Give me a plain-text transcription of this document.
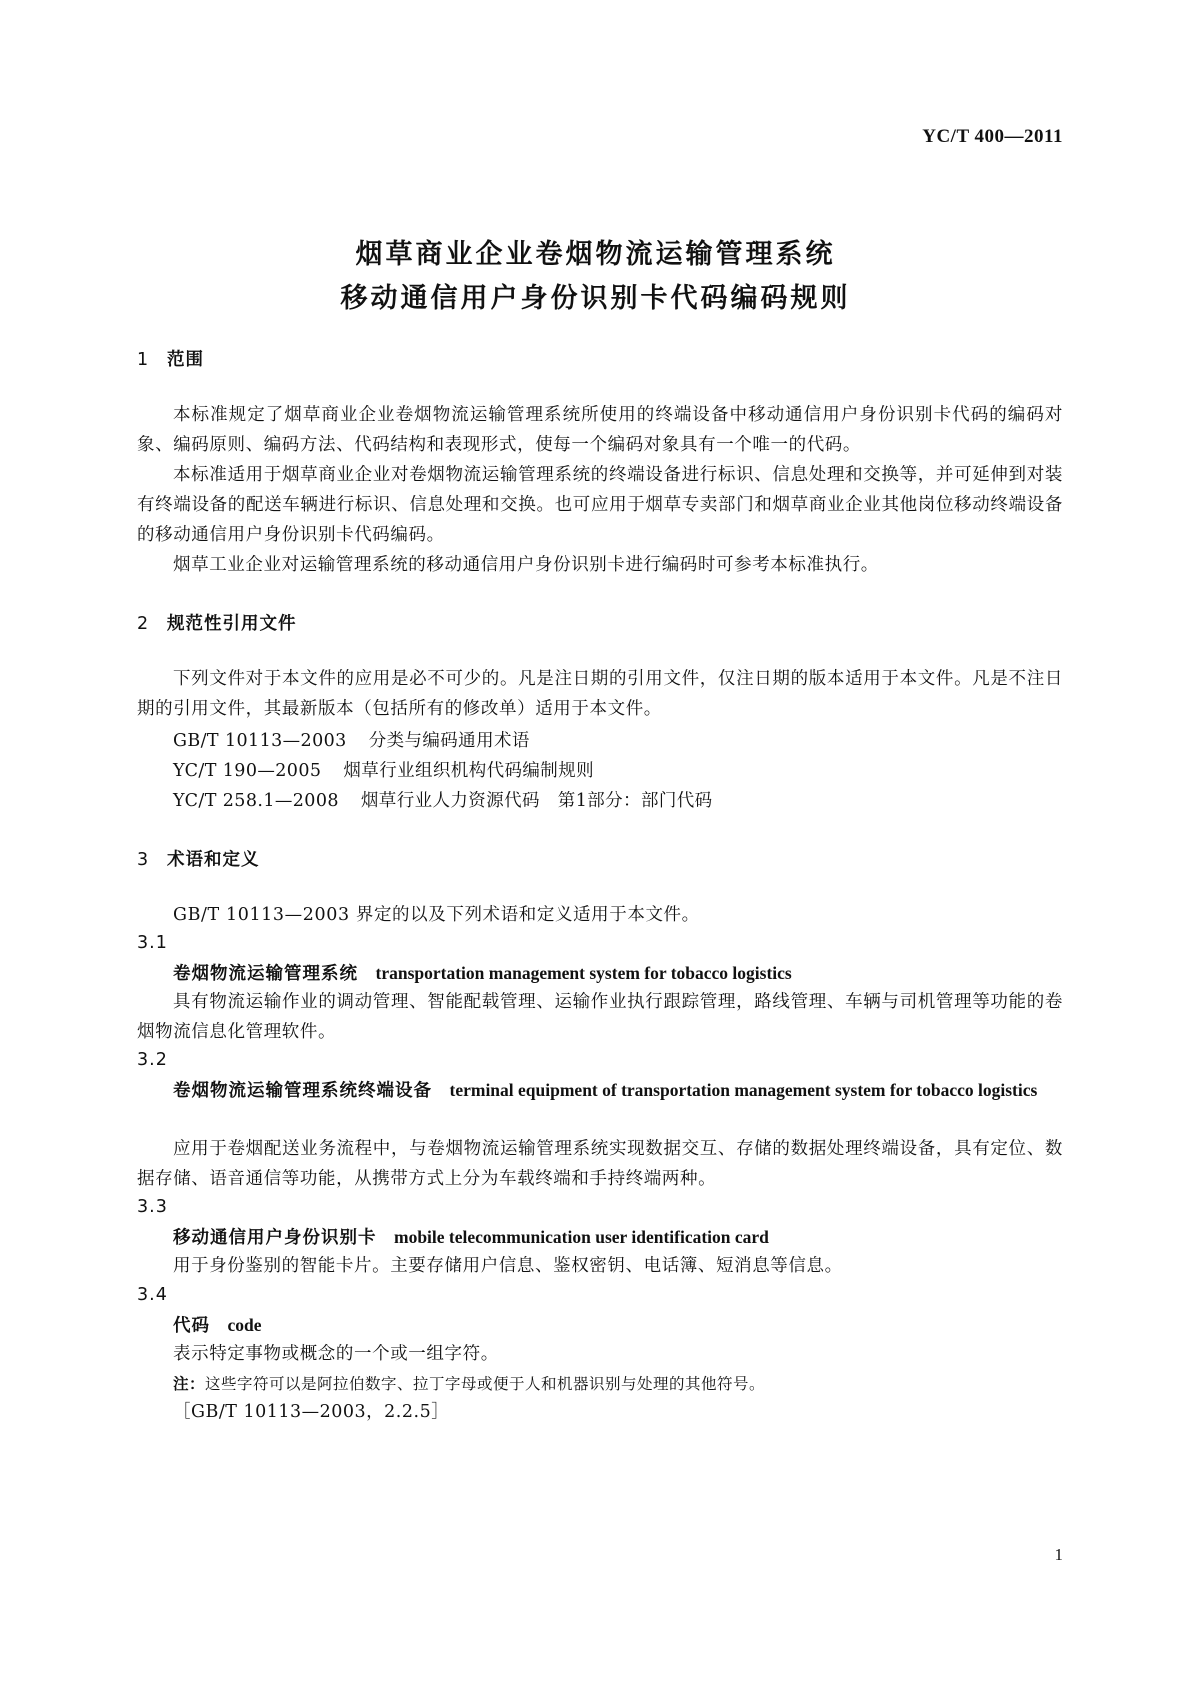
YC/T 400—2011
烟草商业企业卷烟物流运输管理系统
移动通信用户身份识别卡代码编码规则
1 范围
本标准规定了烟草商业企业卷烟物流运输管理系统所使用的终端设备中移动通信用户身份识别卡代码的编码对象、编码原则、编码方法、代码结构和表现形式，使每一个编码对象具有一个唯一的代码。
本标准适用于烟草商业企业对卷烟物流运输管理系统的终端设备进行标识、信息处理和交换等，并可延伸到对装有终端设备的配送车辆进行标识、信息处理和交换。也可应用于烟草专卖部门和烟草商业企业其他岗位移动终端设备的移动通信用户身份识别卡代码编码。
烟草工业企业对运输管理系统的移动通信用户身份识别卡进行编码时可参考本标准执行。
2 规范性引用文件
下列文件对于本文件的应用是必不可少的。凡是注日期的引用文件，仅注日期的版本适用于本文件。凡是不注日期的引用文件，其最新版本（包括所有的修改单）适用于本文件。
GB/T 10113—2003 分类与编码通用术语
YC/T 190—2005 烟草行业组织机构代码编制规则
YC/T 258.1—2008 烟草行业人力资源代码　第1部分：部门代码
3 术语和定义
GB/T 10113—2003 界定的以及下列术语和定义适用于本文件。
3.1
卷烟物流运输管理系统　 transportation management system for tobacco logistics
具有物流运输作业的调动管理、智能配载管理、运输作业执行跟踪管理，路线管理、车辆与司机管理等功能的卷烟物流信息化管理软件。
3.2
卷烟物流运输管理系统终端设备　 terminal equipment of transportation management system for tobacco logistics
应用于卷烟配送业务流程中，与卷烟物流运输管理系统实现数据交互、存储的数据处理终端设备，具有定位、数据存储、语音通信等功能，从携带方式上分为车载终端和手持终端两种。
3.3
移动通信用户身份识别卡　 mobile telecommunication user identification card
用于身份鉴别的智能卡片。主要存储用户信息、鉴权密钥、电话簿、短消息等信息。
3.4
代码　 code
表示特定事物或概念的一个或一组字符。
注：这些字符可以是阿拉伯数字、拉丁字母或便于人和机器识别与处理的其他符号。
［GB/T 10113—2003，2.2.5］
1
